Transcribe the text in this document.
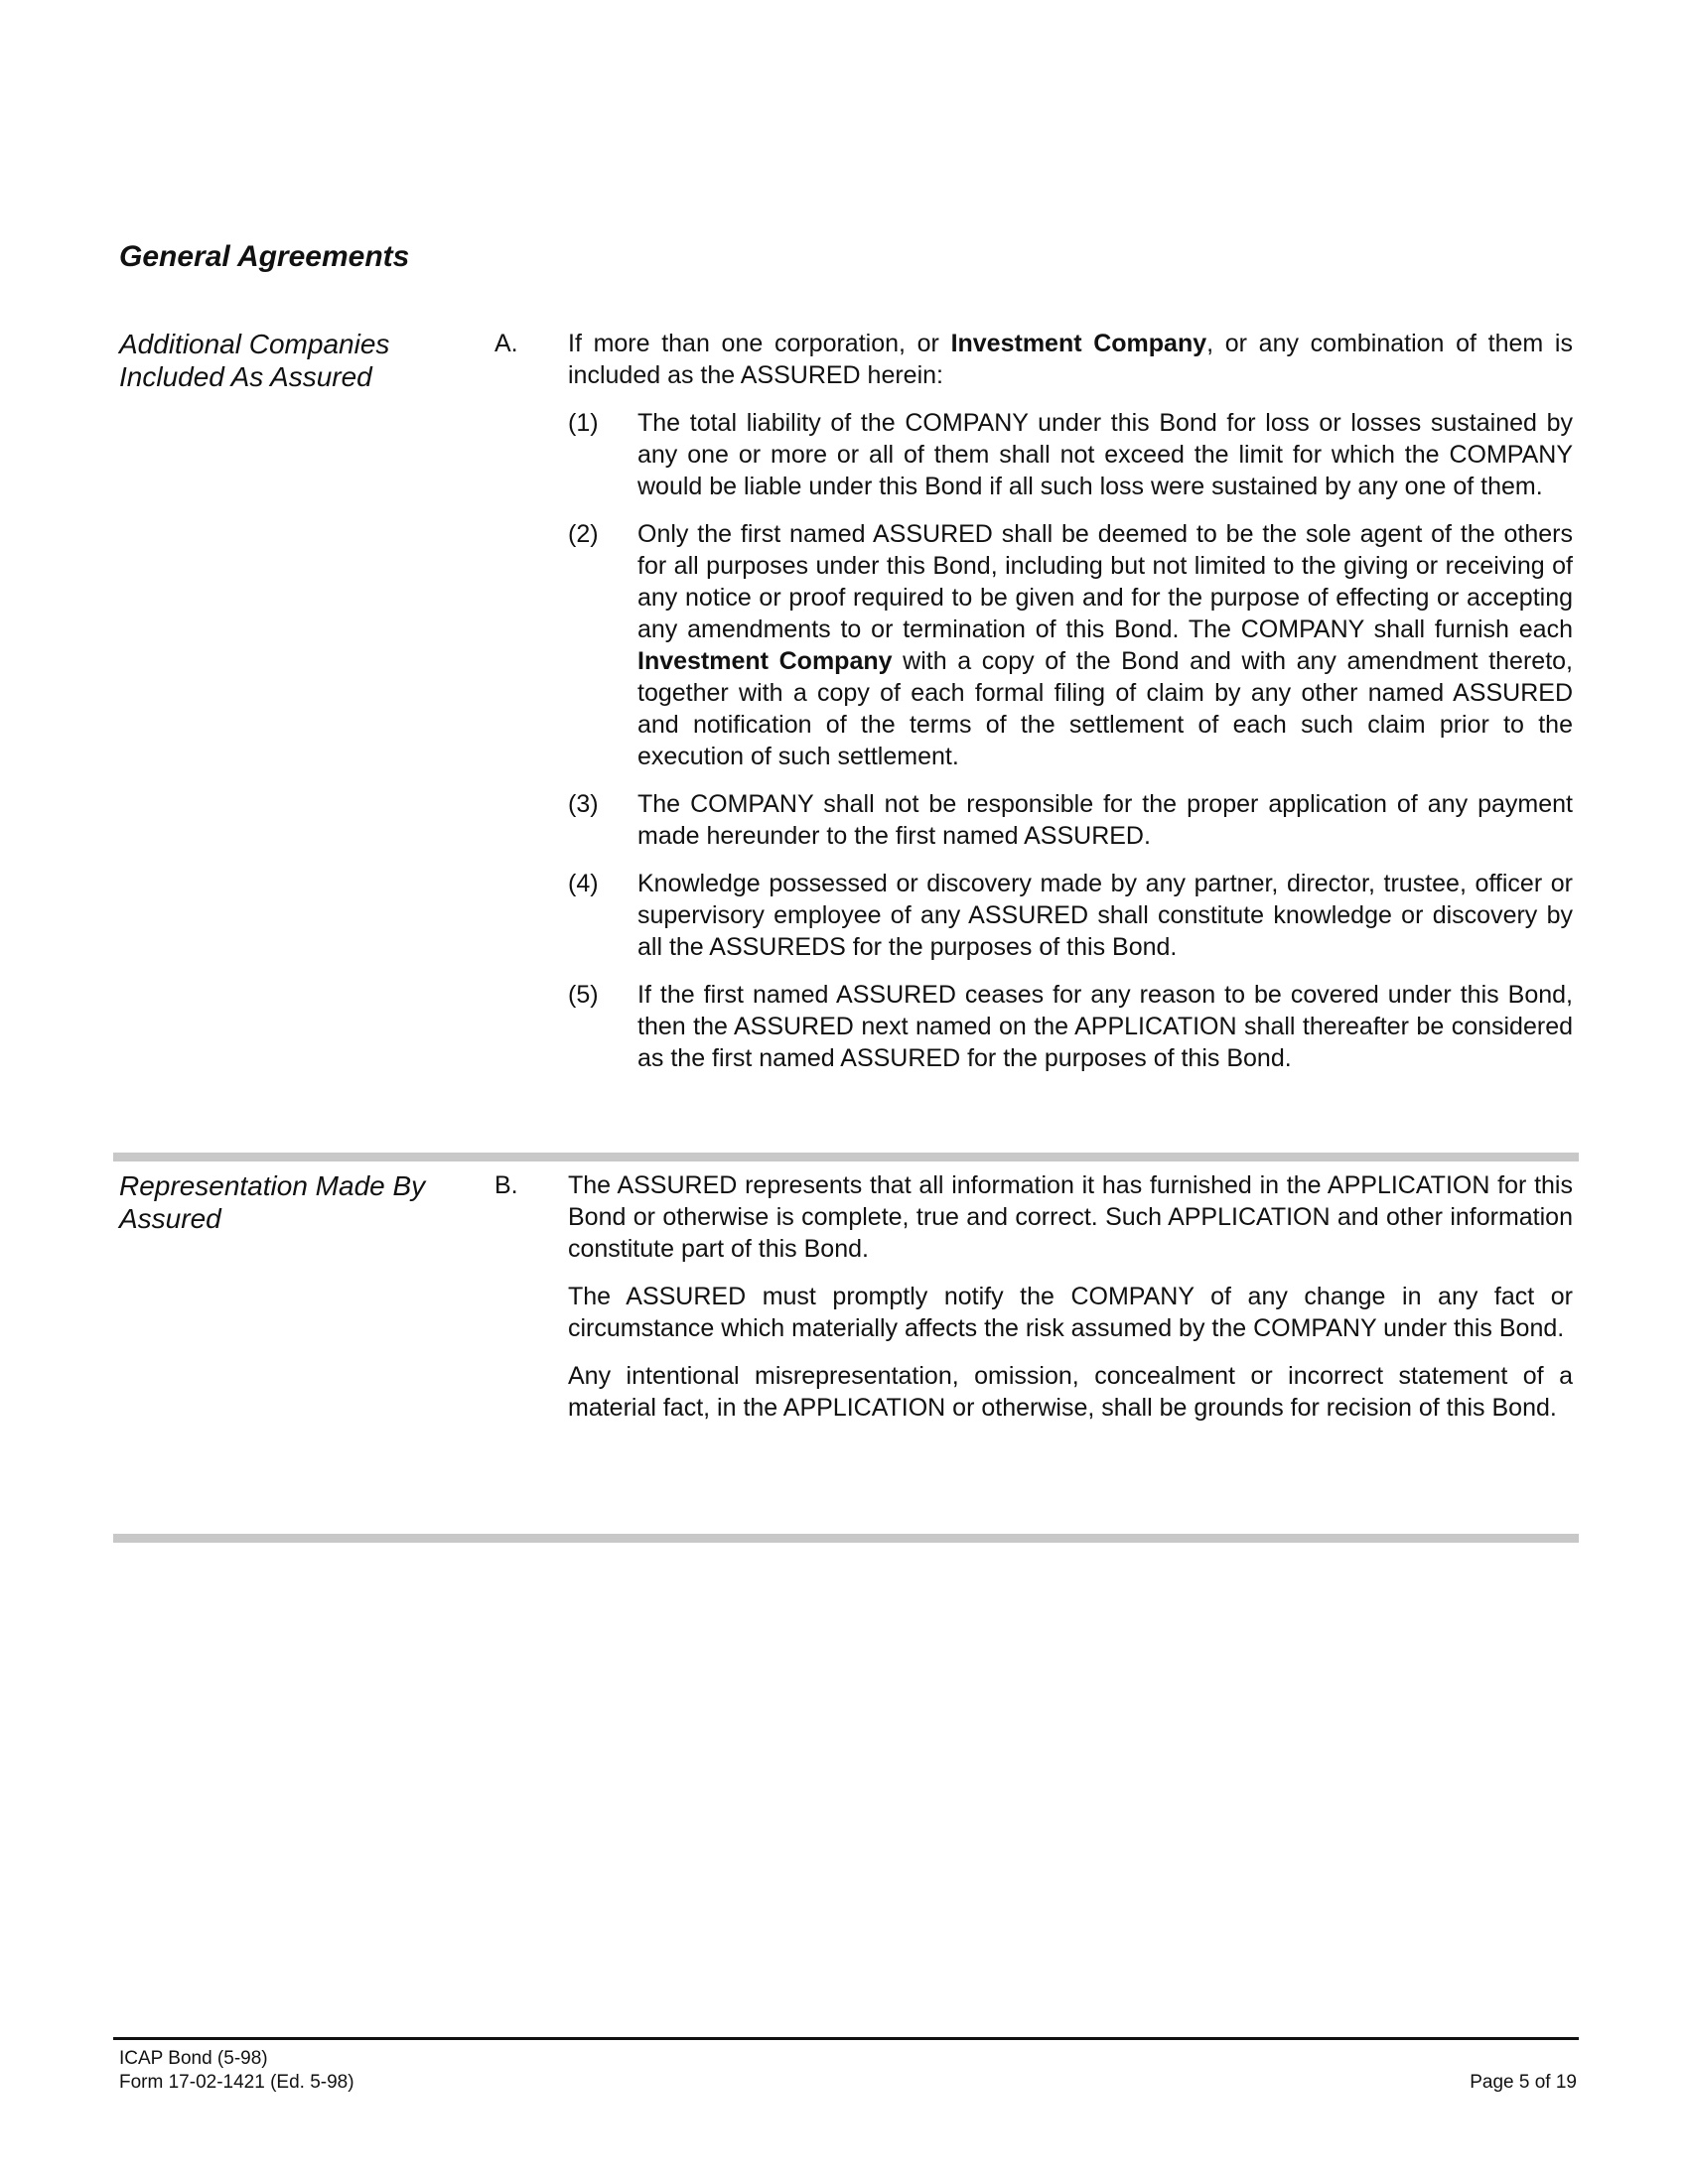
General Agreements
Additional Companies
Included As Assured
A. If more than one corporation, or Investment Company, or any combination of them is included as the ASSURED herein:

(1) The total liability of the COMPANY under this Bond for loss or losses sustained by any one or more or all of them shall not exceed the limit for which the COMPANY would be liable under this Bond if all such loss were sustained by any one of them.
(2) Only the first named ASSURED shall be deemed to be the sole agent of the others for all purposes under this Bond, including but not limited to the giving or receiving of any notice or proof required to be given and for the purpose of effecting or accepting any amendments to or termination of this Bond. The COMPANY shall furnish each Investment Company with a copy of the Bond and with any amendment thereto, together with a copy of each formal filing of claim by any other named ASSURED and notification of the terms of the settlement of each such claim prior to the execution of such settlement.
(3) The COMPANY shall not be responsible for the proper application of any payment made hereunder to the first named ASSURED.
(4) Knowledge possessed or discovery made by any partner, director, trustee, officer or supervisory employee of any ASSURED shall constitute knowledge or discovery by all the ASSUREDS for the purposes of this Bond.
(5) If the first named ASSURED ceases for any reason to be covered under this Bond, then the ASSURED next named on the APPLICATION shall thereafter be considered as the first named ASSURED for the purposes of this Bond.
Representation Made By
Assured
B. The ASSURED represents that all information it has furnished in the APPLICATION for this Bond or otherwise is complete, true and correct. Such APPLICATION and other information constitute part of this Bond.

The ASSURED must promptly notify the COMPANY of any change in any fact or circumstance which materially affects the risk assumed by the COMPANY under this Bond.

Any intentional misrepresentation, omission, concealment or incorrect statement of a material fact, in the APPLICATION or otherwise, shall be grounds for recision of this Bond.

ICAP Bond (5-98)
Form 17-02-1421 (Ed. 5-98)	Page 5 of 19
